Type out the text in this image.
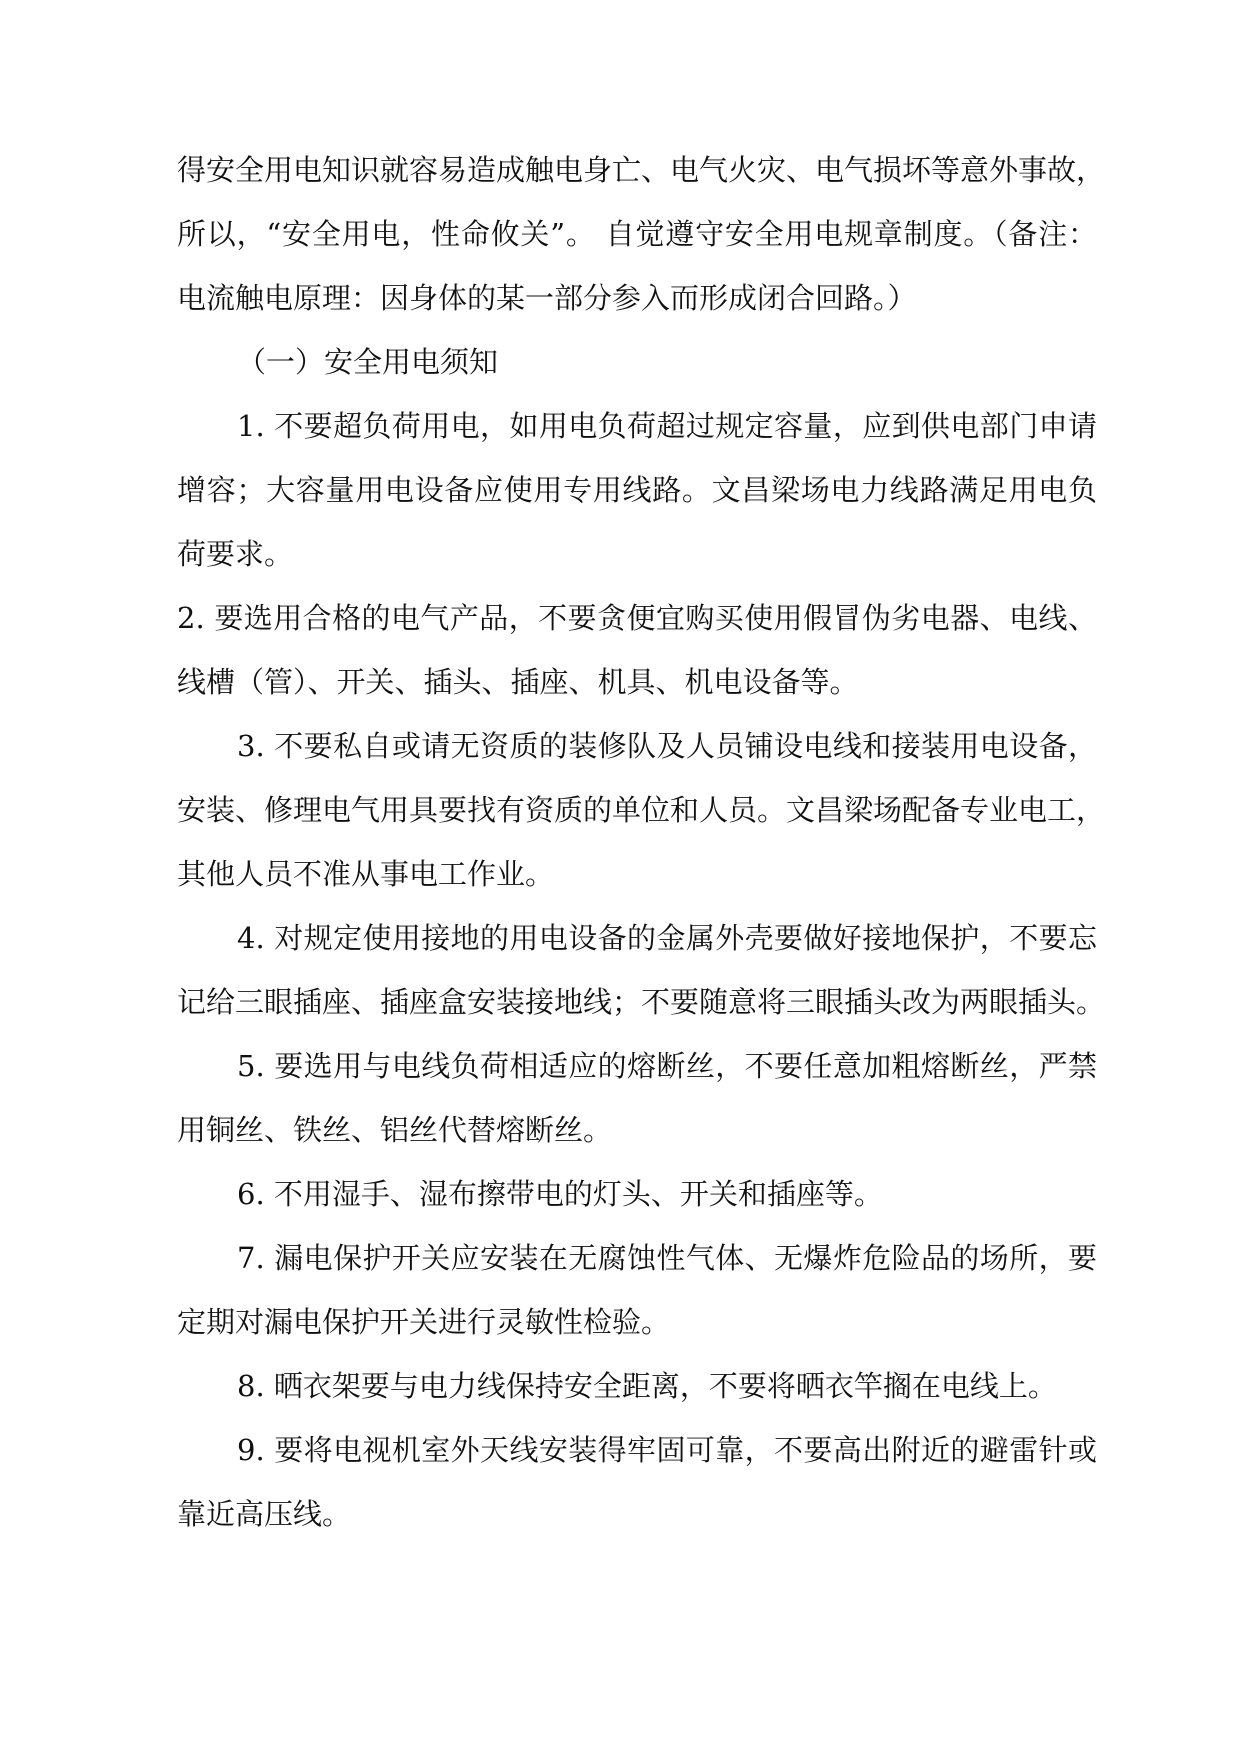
得安全用电知识就容易造成触电身亡、电气火灾、电气损坏等意外事故，
所以，“安全用电，性命攸关”。 自觉遵守安全用电规章制度。（备注：
电流触电原理：因身体的某一部分参入而形成闭合回路。）
（一）安全用电须知
1. 不要超负荷用电，如用电负荷超过规定容量，应到供电部门申请
增容；大容量用电设备应使用专用线路。文昌梁场电力线路满足用电负
荷要求。
2. 要选用合格的电气产品，不要贪便宜购买使用假冒伪劣电器、电线、
线槽（管）、开关、插头、插座、机具、机电设备等。
3. 不要私自或请无资质的装修队及人员铺设电线和接装用电设备，
安装、修理电气用具要找有资质的单位和人员。文昌梁场配备专业电工，
其他人员不准从事电工作业。
4. 对规定使用接地的用电设备的金属外壳要做好接地保护，不要忘
记给三眼插座、插座盒安装接地线；不要随意将三眼插头改为两眼插头。
5. 要选用与电线负荷相适应的熔断丝，不要任意加粗熔断丝，严禁
用铜丝、铁丝、铝丝代替熔断丝。
6. 不用湿手、湿布擦带电的灯头、开关和插座等。
7. 漏电保护开关应安装在无腐蚀性气体、无爆炸危险品的场所，要
定期对漏电保护开关进行灵敏性检验。
8. 晒衣架要与电力线保持安全距离，不要将晒衣竿搁在电线上。
9. 要将电视机室外天线安装得牢固可靠，不要高出附近的避雷针或
靠近高压线。
